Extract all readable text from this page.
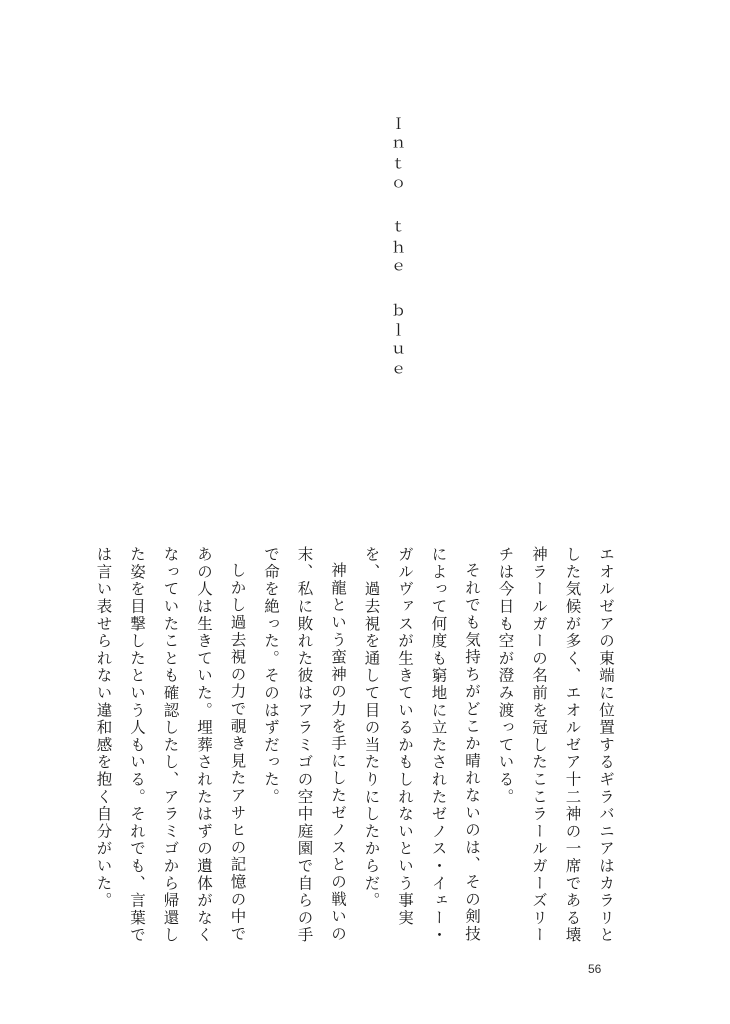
Ｉｎｔｏ ｔｈｅ ｂｌｕｅ

エオルゼアの東端に位置するギラバニアはカラリとした気候が多く、エオルゼア十二神の一席である壊神ラールガーの名前を冠したここラールガーズリーチは今日も空が澄み渡っている。

それでも気持ちがどこか晴れないのは、その剣技によって何度も窮地に立たされたゼノス・イェー・ガルヴァスが生きているかもしれないという事実を、過去視を通して目の当たりにしたからだ。

神龍という蛮神の力を手にしたゼノスとの戦いの末、私に敗れた彼はアラミゴの空中庭園で自らの手で命を絶った。そのはずだった。

しかし過去視の力で覗き見たアサヒの記憶の中であの人は生きていた。埋葬されたはずの遺体がなくなっていたことも確認したし、アラミゴから帰還した姿を目撃したという人もいる。それでも、言葉では言い表せられない違和感を抱く自分がいた。

56
